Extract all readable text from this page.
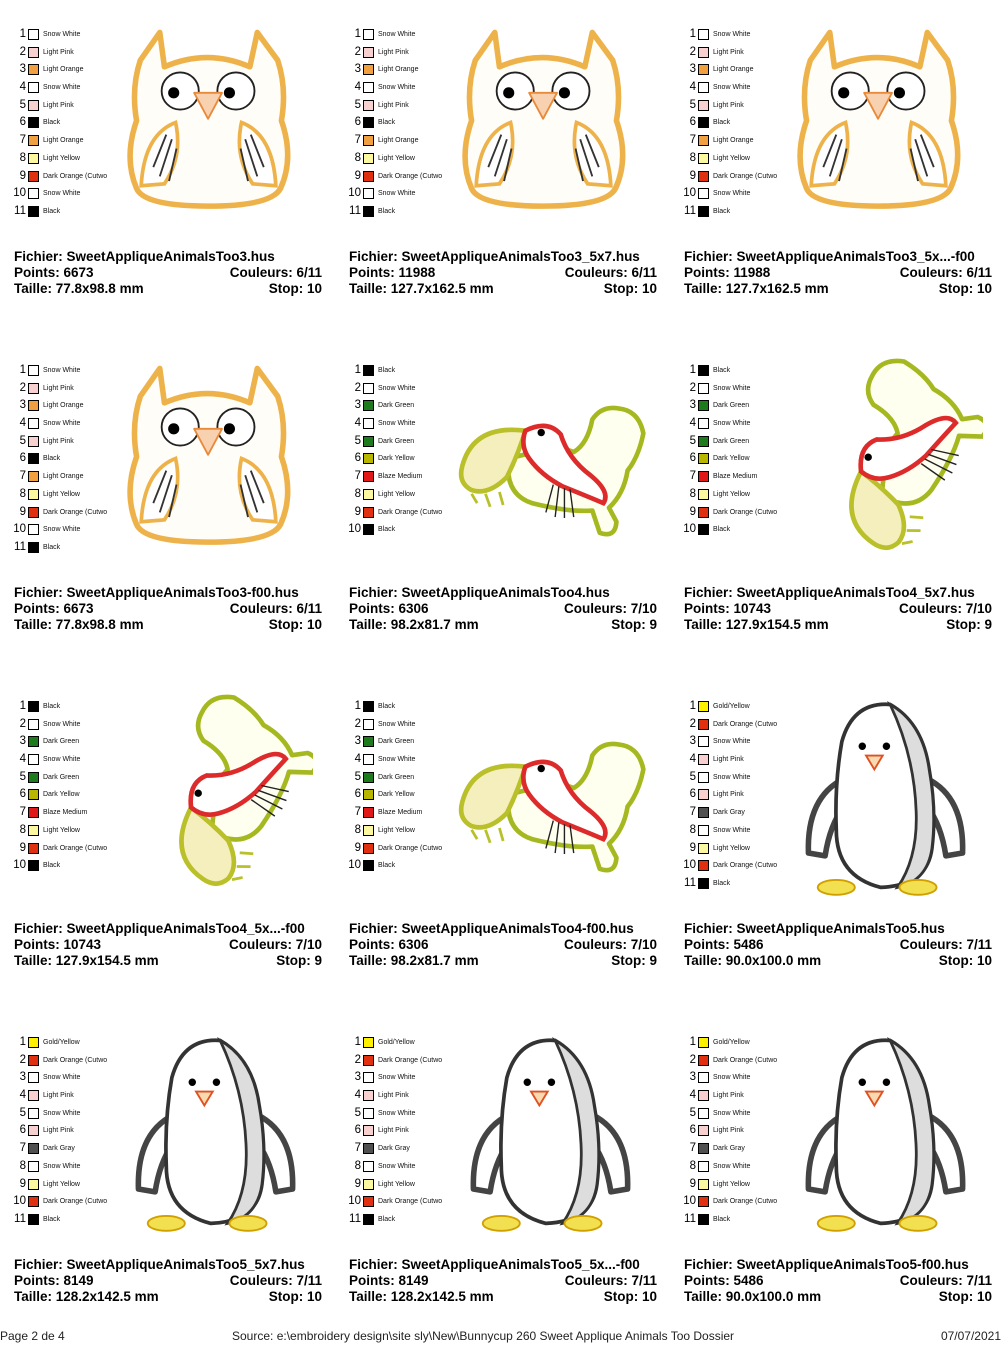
1 Snow White
2 Light Pink
3 Light Orange
4 Snow White
5 Light Pink
6 Black
7 Light Orange
8 Light Yellow
9 Dark Orange (Cutwo
10 Snow White
11 Black
Fichier: SweetAppliqueAnimalsToo3.hus
Points: 6673	Couleurs: 6/11
Taille: 77.8x98.8 mm	Stop: 10
1 Snow White
2 Light Pink
3 Light Orange
4 Snow White
5 Light Pink
6 Black
7 Light Orange
8 Light Yellow
9 Dark Orange (Cutwo
10 Snow White
11 Black
Fichier: SweetAppliqueAnimalsToo3_5x7.hus
Points: 11988	Couleurs: 6/11
Taille: 127.7x162.5 mm	Stop: 10
1 Snow White
2 Light Pink
3 Light Orange
4 Snow White
5 Light Pink
6 Black
7 Light Orange
8 Light Yellow
9 Dark Orange (Cutwo
10 Snow White
11 Black
Fichier: SweetAppliqueAnimalsToo3_5x...-f00
Points: 11988	Couleurs: 6/11
Taille: 127.7x162.5 mm	Stop: 10
1 Snow White
2 Light Pink
3 Light Orange
4 Snow White
5 Light Pink
6 Black
7 Light Orange
8 Light Yellow
9 Dark Orange (Cutwo
10 Snow White
11 Black
Fichier: SweetAppliqueAnimalsToo3-f00.hus
Points: 6673	Couleurs: 6/11
Taille: 77.8x98.8 mm	Stop: 10
1 Black
2 Snow White
3 Dark Green
4 Snow White
5 Dark Green
6 Dark Yellow
7 Blaze Medium
8 Light Yellow
9 Dark Orange (Cutwo
10 Black
Fichier: SweetAppliqueAnimalsToo4.hus
Points: 6306	Couleurs: 7/10
Taille: 98.2x81.7 mm	Stop: 9
1 Black
2 Snow White
3 Dark Green
4 Snow White
5 Dark Green
6 Dark Yellow
7 Blaze Medium
8 Light Yellow
9 Dark Orange (Cutwo
10 Black
Fichier: SweetAppliqueAnimalsToo4_5x7.hus
Points: 10743	Couleurs: 7/10
Taille: 127.9x154.5 mm	Stop: 9
1 Black
2 Snow White
3 Dark Green
4 Snow White
5 Dark Green
6 Dark Yellow
7 Blaze Medium
8 Light Yellow
9 Dark Orange (Cutwo
10 Black
Fichier: SweetAppliqueAnimalsToo4_5x...-f00
Points: 10743	Couleurs: 7/10
Taille: 127.9x154.5 mm	Stop: 9
1 Black
2 Snow White
3 Dark Green
4 Snow White
5 Dark Green
6 Dark Yellow
7 Blaze Medium
8 Light Yellow
9 Dark Orange (Cutwo
10 Black
Fichier: SweetAppliqueAnimalsToo4-f00.hus
Points: 6306	Couleurs: 7/10
Taille: 98.2x81.7 mm	Stop: 9
1 Gold/Yellow
2 Dark Orange (Cutwo
3 Snow White
4 Light Pink
5 Snow White
6 Light Pink
7 Dark Gray
8 Snow White
9 Light Yellow
10 Dark Orange (Cutwo
11 Black
Fichier: SweetAppliqueAnimalsToo5.hus
Points: 5486	Couleurs: 7/11
Taille: 90.0x100.0 mm	Stop: 10
1 Gold/Yellow
2 Dark Orange (Cutwo
3 Snow White
4 Light Pink
5 Snow White
6 Light Pink
7 Dark Gray
8 Snow White
9 Light Yellow
10 Dark Orange (Cutwo
11 Black
Fichier: SweetAppliqueAnimalsToo5_5x7.hus
Points: 8149	Couleurs: 7/11
Taille: 128.2x142.5 mm	Stop: 10
1 Gold/Yellow
2 Dark Orange (Cutwo
3 Snow White
4 Light Pink
5 Snow White
6 Light Pink
7 Dark Gray
8 Snow White
9 Light Yellow
10 Dark Orange (Cutwo
11 Black
Fichier: SweetAppliqueAnimalsToo5_5x...-f00
Points: 8149	Couleurs: 7/11
Taille: 128.2x142.5 mm	Stop: 10
1 Gold/Yellow
2 Dark Orange (Cutwo
3 Snow White
4 Light Pink
5 Snow White
6 Light Pink
7 Dark Gray
8 Snow White
9 Light Yellow
10 Dark Orange (Cutwo
11 Black
Fichier: SweetAppliqueAnimalsToo5-f00.hus
Points: 5486	Couleurs: 7/11
Taille: 90.0x100.0 mm	Stop: 10
Page 2 de 4	Source: e:\embroidery design\site sly\New\Bunnycup 260 Sweet Applique Animals Too Dossier	07/07/2021
